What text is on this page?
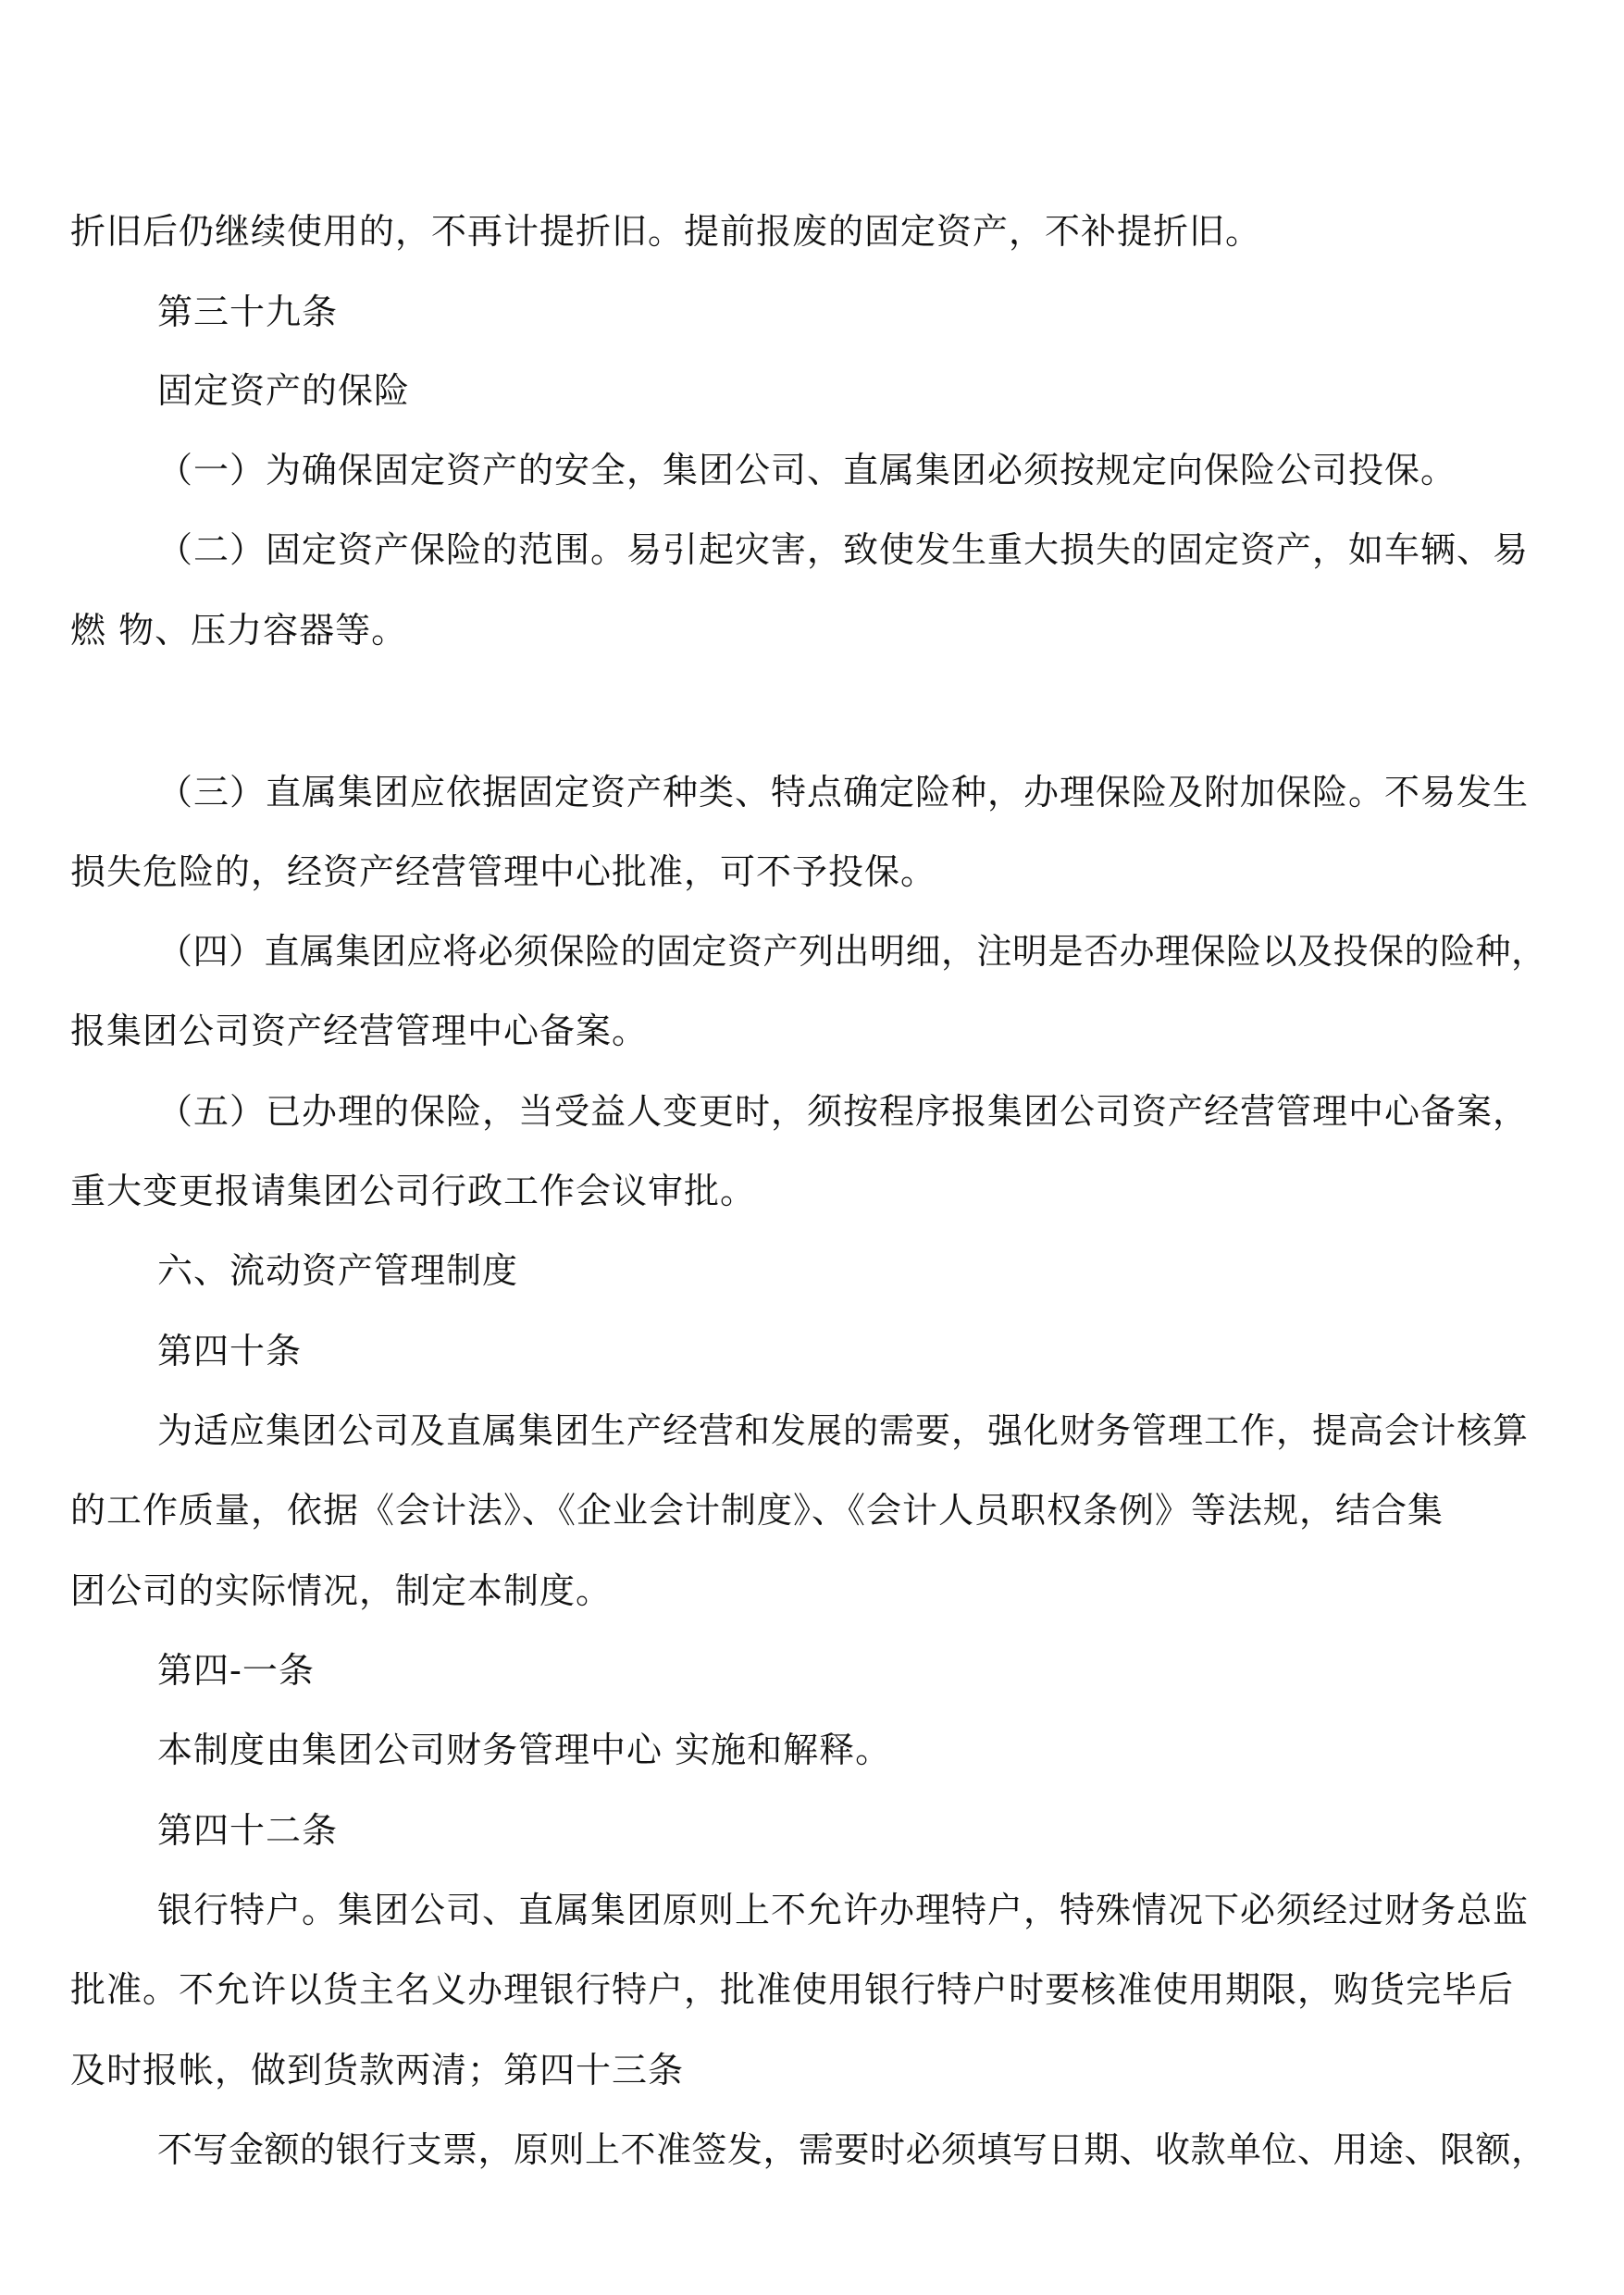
折旧后仍继续使用的，不再计提折旧。提前报废的固定资产，不补提折旧。
第三十九条
固定资产的保险
（一）为确保固定资产的安全，集团公司、直属集团必须按规定向保险公司投保。
（二）固定资产保险的范围。易引起灾害，致使发生重大损失的固定资产，如车辆、易
燃 物、压力容器等。
（三）直属集团应依据固定资产种类、特点确定险种，办理保险及附加保险。不易发生
损失危险的，经资产经营管理中心批准，可不予投保。
（四）直属集团应将必须保险的固定资产列出明细，注明是否办理保险以及投保的险种，
报集团公司资产经营管理中心备案。
（五）已办理的保险，当受益人变更时，须按程序报集团公司资产经营管理中心备案，
重大变更报请集团公司行政工作会议审批。
六、流动资产管理制度
第四十条
为适应集团公司及直属集团生产经营和发展的需要，强化财务管理工作，提高会计核算
的工作质量，依据《会计法》、《企业会计制度》、《会计人员职权条例》等法规，结合集
团公司的实际情况，制定本制度。
第四-一条
本制度由集团公司财务管理中心 实施和解释。
第四十二条
银行特户。集团公司、直属集团原则上不允许办理特户，特殊情况下必须经过财务总监
批准。不允许以货主名义办理银行特户，批准使用银行特户时要核准使用期限，购货完毕后
及时报帐，做到货款两清；第四十三条
不写金额的银行支票，原则上不准签发，需要时必须填写日期、收款单位、用途、限额，
